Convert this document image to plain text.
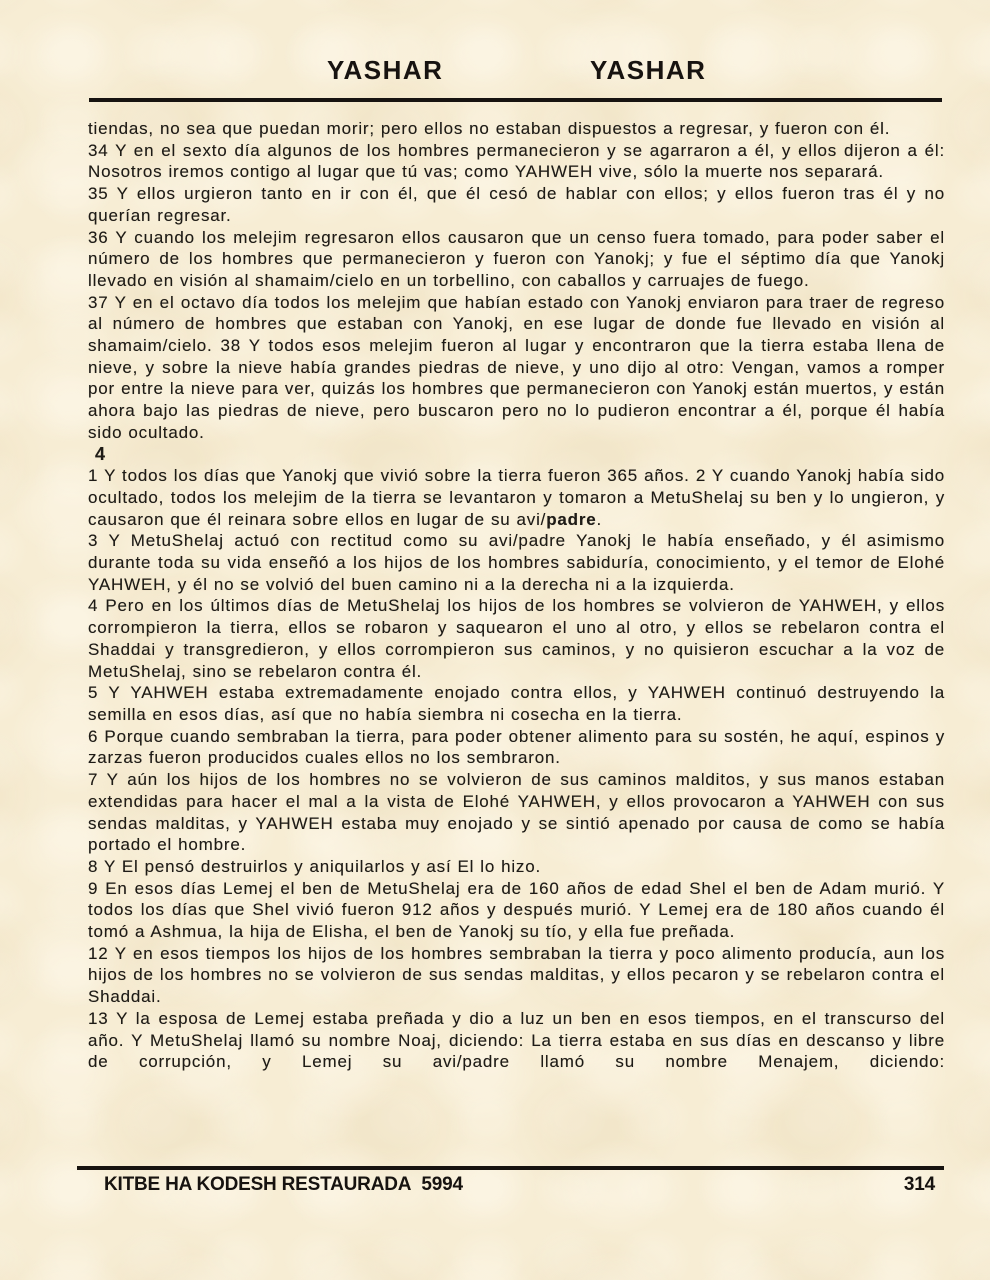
YASHAR	YASHAR

tiendas, no sea que puedan morir; pero ellos no estaban dispuestos a regresar, y fueron con él.

34 Y en el sexto día algunos de los hombres permanecieron y se agarraron a él, y ellos dijeron a él: Nosotros iremos contigo al lugar que tú vas; como YAHWEH vive, sólo la muerte nos separará.

35 Y ellos urgieron tanto en ir con él, que él cesó de hablar con ellos; y ellos fueron tras él y no querían regresar.

36 Y cuando los melejim regresaron ellos causaron que un censo fuera tomado, para poder saber el número de los hombres que permanecieron y fueron con Yanokj; y fue el séptimo día que Yanokj llevado en visión al shamaim/cielo en un torbellino, con caballos y carruajes de fuego.

37 Y en el octavo día todos los melejim que habían estado con Yanokj enviaron para traer de regreso al número de hombres que estaban con Yanokj, en ese lugar de donde fue llevado en visión al shamaim/cielo. 38 Y todos esos melejim fueron al lugar y encontraron que la tierra estaba llena de nieve, y sobre la nieve había grandes piedras de nieve, y uno dijo al otro: Vengan, vamos a romper por entre la nieve para ver, quizás los hombres que permanecieron con Yanokj están muertos, y están ahora bajo las piedras de nieve, pero buscaron pero no lo pudieron encontrar a él, porque él había sido ocultado.

4

1 Y todos los días que Yanokj que vivió sobre la tierra fueron 365 años. 2 Y cuando Yanokj había sido ocultado, todos los melejim de la tierra se levantaron y tomaron a MetuShelaj su ben y lo ungieron, y causaron que él reinara sobre ellos en lugar de su avi/padre.

3 Y MetuShelaj actuó con rectitud como su avi/padre Yanokj le había enseñado, y él asimismo durante toda su vida enseñó a los hijos de los hombres sabiduría, conocimiento, y el temor de Elohé YAHWEH, y él no se volvió del buen camino ni a la derecha ni a la izquierda.

4 Pero en los últimos días de MetuShelaj los hijos de los hombres se volvieron de YAHWEH, y ellos corrompieron la tierra, ellos se robaron y saquearon el uno al otro, y ellos se rebelaron contra el Shaddai y transgredieron, y ellos corrompieron sus caminos, y no quisieron escuchar a la voz de MetuShelaj, sino se rebelaron contra él.

5 Y YAHWEH estaba extremadamente enojado contra ellos, y YAHWEH continuó destruyendo la semilla en esos días, así que no había siembra ni cosecha en la tierra.

6 Porque cuando sembraban la tierra, para poder obtener alimento para su sostén, he aquí, espinos y zarzas fueron producidos cuales ellos no los sembraron.

7 Y aún los hijos de los hombres no se volvieron de sus caminos malditos, y sus manos estaban extendidas para hacer el mal a la vista de Elohé YAHWEH, y ellos provocaron a YAHWEH con sus sendas malditas, y YAHWEH estaba muy enojado y se sintió apenado por causa de como se había portado el hombre.

8 Y El pensó destruirlos y aniquilarlos y así El lo hizo.

9 En esos días Lemej el ben de MetuShelaj era de 160 años de edad Shel el ben de Adam murió. Y todos los días que Shel vivió fueron 912 años y después murió. Y Lemej era de 180 años cuando él tomó a Ashmua, la hija de Elisha, el ben de Yanokj su tío, y ella fue preñada.

12 Y en esos tiempos los hijos de los hombres sembraban la tierra y poco alimento producía, aun los hijos de los hombres no se volvieron de sus sendas malditas, y ellos pecaron y se rebelaron contra el Shaddai.

13 Y la esposa de Lemej estaba preñada y dio a luz un ben en esos tiempos, en el transcurso del año. Y MetuShelaj llamó su nombre Noaj, diciendo: La tierra estaba en sus días en descanso y libre de corrupción, y Lemej su avi/padre llamó su nombre Menajem, diciendo:

KITBE HA KODESH RESTAURADA  5994	314
